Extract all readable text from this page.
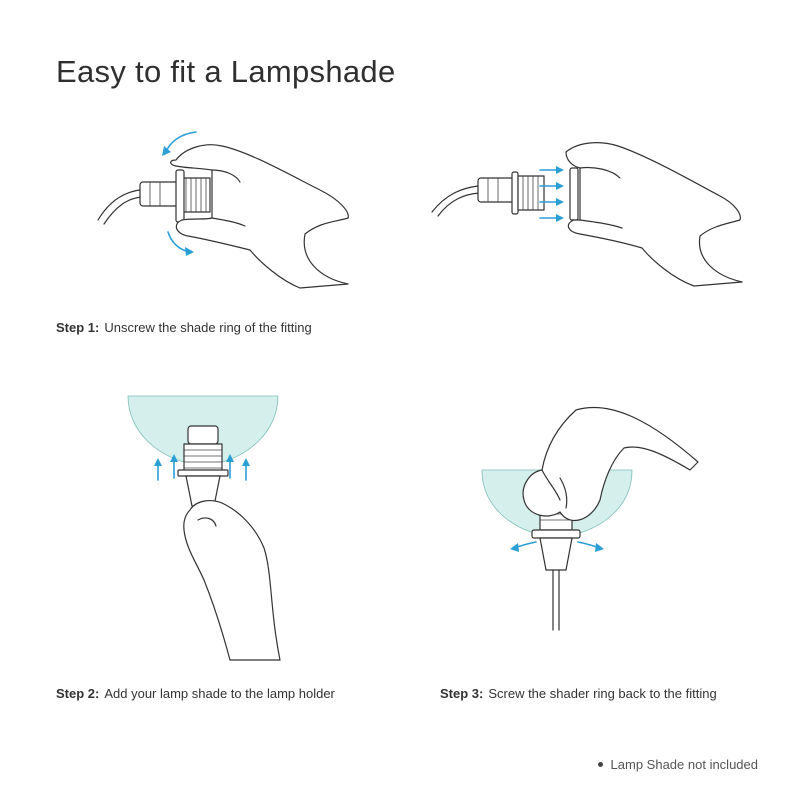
Easy to fit a Lampshade
Step 1: Unscrew the shade ring of the fitting
Step 2: Add your lamp shade to the lamp holder	Step 3: Screw the shader ring back to the fitting
Lamp Shade not included
